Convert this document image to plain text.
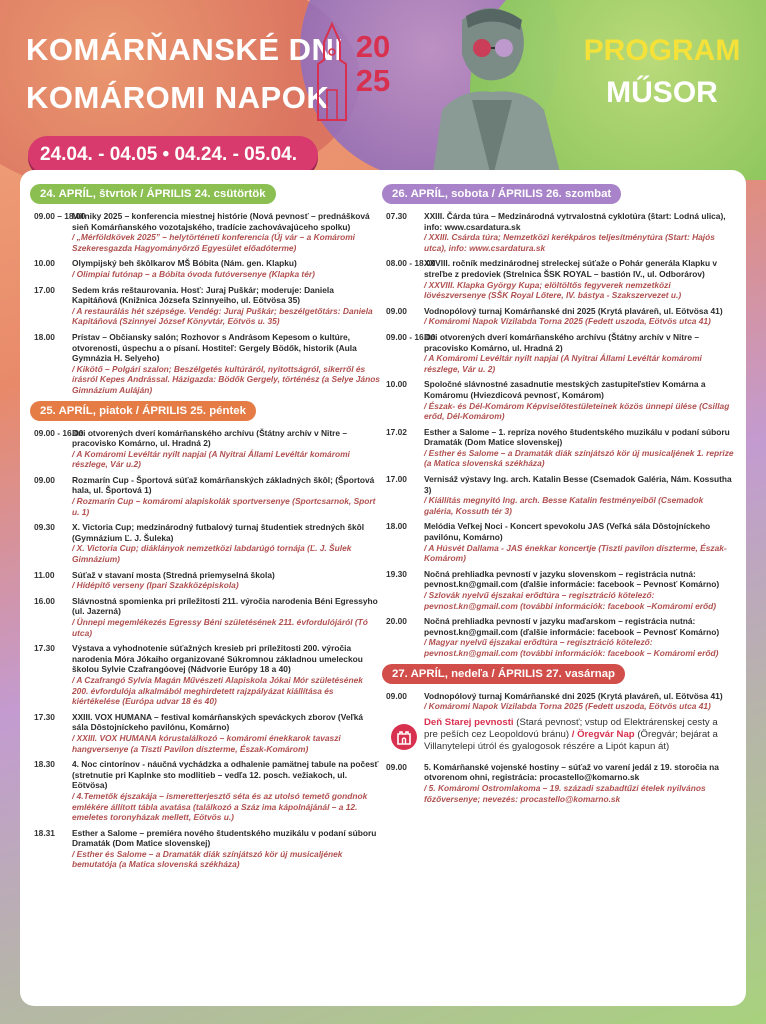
KOMÁRŇANSKÉ DNI
KOMÁROMI NAPOK
20
25
PROGRAM
MŰSOR
24.04. - 04.05 • 04.24. - 05.04.
24. APRÍL, štvrtok / ÁPRILIS 24. csütörtök
09.00 – 18.00
Míľniky 2025 – konferencia miestnej histórie (Nová pevnosť – prednášková sieň Komárňanského vozotajského, tradície zachovávajúceho spolku)
/ „Mérföldkövek 2025” – helytörténeti konferencia (Új vár – a Komáromi Szekeresgazda Hagyományőrző Egyesület előadóterme)
10.00	Olympijský beh škôlkarov MŠ Bóbita (Nám. gen. Klapku)
/ Olimpiai futónap – a Bóbita óvoda futóversenye (Klapka tér)
17.00	Sedem krás reštaurovania. Hosť: Juraj Puškár; moderuje: Daniela Kapitáňová (Knižnica Józsefa Szinnyeiho, ul. Eötvösa 35)
/ A restaurálás hét szépsége. Vendég: Juraj Puškár; beszélgetőtárs: Daniela Kapitáňová (Szinnyei József Könyvtár, Eötvös u. 35)
18.00	Prístav – Občiansky salón; Rozhovor s Andrásom Kepesom o kultúre, otvorenosti, úspechu a o písaní. Hostiteľ: Gergely Bödők, historik (Aula Gymnázia H. Selyeho)
/ Kikötő – Polgári szalon; Beszélgetés kultúráról, nyitottságról, sikerről és írásról Kepes Andrással. Házigazda: Bödők Gergely, történész (a Selye János Gimnázium Auláján)
25. APRÍL, piatok / ÁPRILIS 25. péntek
09.00 - 16.00
Dni otvorených dverí komárňanského archívu (Štátny archív v Nitre – pracovisko Komárno, ul. Hradná 2)
/ A Komáromi Levéltár nyílt napjai (A Nyitrai Állami Levéltár komáromi részlege, Vár u.2)
09.00	Rozmarín Cup - Športová súťaž komárňanských základných škôl; (Športová hala, ul. Športová 1)
/ Rozmarín Cup – komáromi alapiskolák sportversenye (Sportcsarnok, Sport u. 1)
09.30	X. Victoria Cup; medzinárodný futbalový turnaj študentiek stredných škôl (Gymnázium Ľ. J. Šuleka)
/ X. Victoria Cup; diáklányok nemzetközi labdarúgó tornája (Ľ. J. Šulek Gimnázium)
11.00	Súťaž v stavaní mosta (Stredná priemyselná škola)
/ Hídépítő verseny (Ipari Szakközépiskola)
16.00	Slávnostná spomienka pri príležitosti 211. výročia narodenia Béni Egressyho (ul. Jazerná)
/ Ünnepi megemlékezés Egressy Béni születésének 211. évfordulójáról (Tó utca)
17.30	Výstava a vyhodnotenie súťažných kresieb pri príležitosti 200. výročia narodenia Móra Jókaiho organizované Súkromnou základnou umeleckou školou Sylvie Czafrangóovej (Nádvorie Európy 18 a 40)
/ A Czafrangó Sylvia Magán Művészeti Alapiskola Jókai Mór születésének 200. évfordulója alkalmából meghirdetett rajzpályázat kiállítása és kiértékelése (Európa udvar 18 és 40)
17.30	XXIII. VOX HUMANA – festival komárňanských speváckych zborov (Veľká sála Dôstojníckeho pavilónu, Komárno)
/ XXIII. VOX HUMANA kórustalálkozó – komáromi énekkarok tavaszi hangversenye (a Tiszti Pavilon díszterme, Észak-Komárom)
18.30	4. Noc cintorínov - náučná vychádzka a odhalenie pamätnej tabule na počesť (stretnutie pri Kaplnke sto modlitieb – vedľa 12. posch. vežiakoch, ul. Eötvösa)
/ 4.Temetők éjszakája – ismeretterjesztő séta és az utolsó temető gondnok emlékére állított tábla avatása (találkozó a Száz ima kápolnájánál – a 12. emeletes toronyházak mellett, Eötvös u.)
18.31	Esther a Salome – premiéra nového študentského muzikálu v podaní súboru Dramaták (Dom Matice slovenskej)
/ Esther és Salome – a Dramaták diák színjátszó kör új musicaljének bemutatója (a Matica slovenská székháza)
26. APRÍL, sobota / ÁPRILIS 26. szombat
07.30	XXIII. Čárda túra – Medzinárodná vytrvalostná cyklotúra (štart: Lodná ulica), info: www.csardatura.sk
/ XXIII. Csárda túra; Nemzetközi kerékpáros teljesítménytúra (Start: Hajós utca), info: www.csardatura.sk
08.00 - 18.00
XXVIII. ročník medzinárodnej streleckej súťaže o Pohár generála Klapku v streľbe z predoviek (Strelnica ŠSK ROYAL – bastión IV., ul. Odborárov)
/ XXVIII. Klapka György Kupa; elöltöltős fegyverek nemzetközi lövészversenye (SŠK Royal Lőtere, IV. bástya - Szakszervezet u.)
09.00	Vodnopólový turnaj Komárňanské dni 2025 (Krytá plaváreň, ul. Eötvösa 41)
/ Komáromi Napok Vízilabda Torna 2025 (Fedett uszoda, Eötvös utca 41)
09.00 - 16.00
Dni otvorených dverí komárňanského archívu (Štátny archív v Nitre – pracovisko Komárno, ul. Hradná 2)
/ A Komáromi Levéltár nyílt napjai (A Nyitrai Állami Levéltár komáromi részlege, Vár u. 2)
10.00	Spoločné slávnostné zasadnutie mestských zastupiteľstiev Komárna a Komáromu (Hviezdicová pevnosť, Komárom)
/ Észak- és Dél-Komárom Képviselőtestületeinek közös ünnepi ülése (Csillag erőd, Dél-Komárom)
17.02	Esther a Salome – 1. repríza nového študentského muzikálu v podaní súboru Dramaták (Dom Matice slovenskej)
/ Esther és Salome – a Dramaták diák színjátszó kör új musicaljének 1. reprize (a Matica slovenská székháza)
17.00	Vernisáž výstavy Ing. arch. Katalin Besse (Csemadok Galéria, Nám. Kossutha 3)
/ Kiállítás megnyitó Ing. arch. Besse Katalin festményeiből (Csemadok galéria, Kossuth tér 3)
18.00	Melódia Veľkej Noci - Koncert spevokolu JAS (Veľká sála Dôstojníckeho pavilónu, Komárno)
/ A Húsvét Dallama - JAS énekkar koncertje (Tiszti pavilon díszterme, Észak-Komárom)
19.30	Nočná prehliadka pevností v jazyku slovenskom – registrácia nutná: pevnost.kn@gmail.com (ďalšie informácie: facebook – Pevnosť Komárno)
/ Szlovák nyelvű éjszakai erődtúra – regisztráció kötelező: pevnost.kn@gmail.com (további információk: facebook –Komáromi erőd)
20.00	Nočná prehliadka pevností v jazyku maďarskom – registrácia nutná: pevnost.kn@gmail.com (ďalšie informácie: facebook – Pevnosť Komárno)
/ Magyar nyelvű éjszakai erődtúra – regisztráció kötelező: pevnost.kn@gmail.com (további információk: facebook – Komáromi erőd)
27. APRÍL, nedeľa / ÁPRILIS 27. vasárnap
09.00	Vodnopólový turnaj Komárňanské dni 2025 (Krytá plaváreň, ul. Eötvösa 41)
/ Komáromi Napok Vízilabda Torna 2025 (Fedett uszoda, Eötvös utca 41)
Deň Starej pevnosti (Stará pevnosť; vstup od Elektrárenskej cesty a pre peších cez Leopoldovú bránu) / Öregvár Nap (Öregvár; bejárat a Villanytelepi útról és gyalogosok részére a Lipót kapun át)
09.00	5. Komárňanské vojenské hostiny – súťaž vo varení jedál z 19. storočia na otvorenom ohni, registrácia: procastello@komarno.sk
/ 5. Komáromi Ostromlakoma – 19. századi szabadtűzi ételek nyilvános főzőversenye; nevezés: procastello@komarno.sk
